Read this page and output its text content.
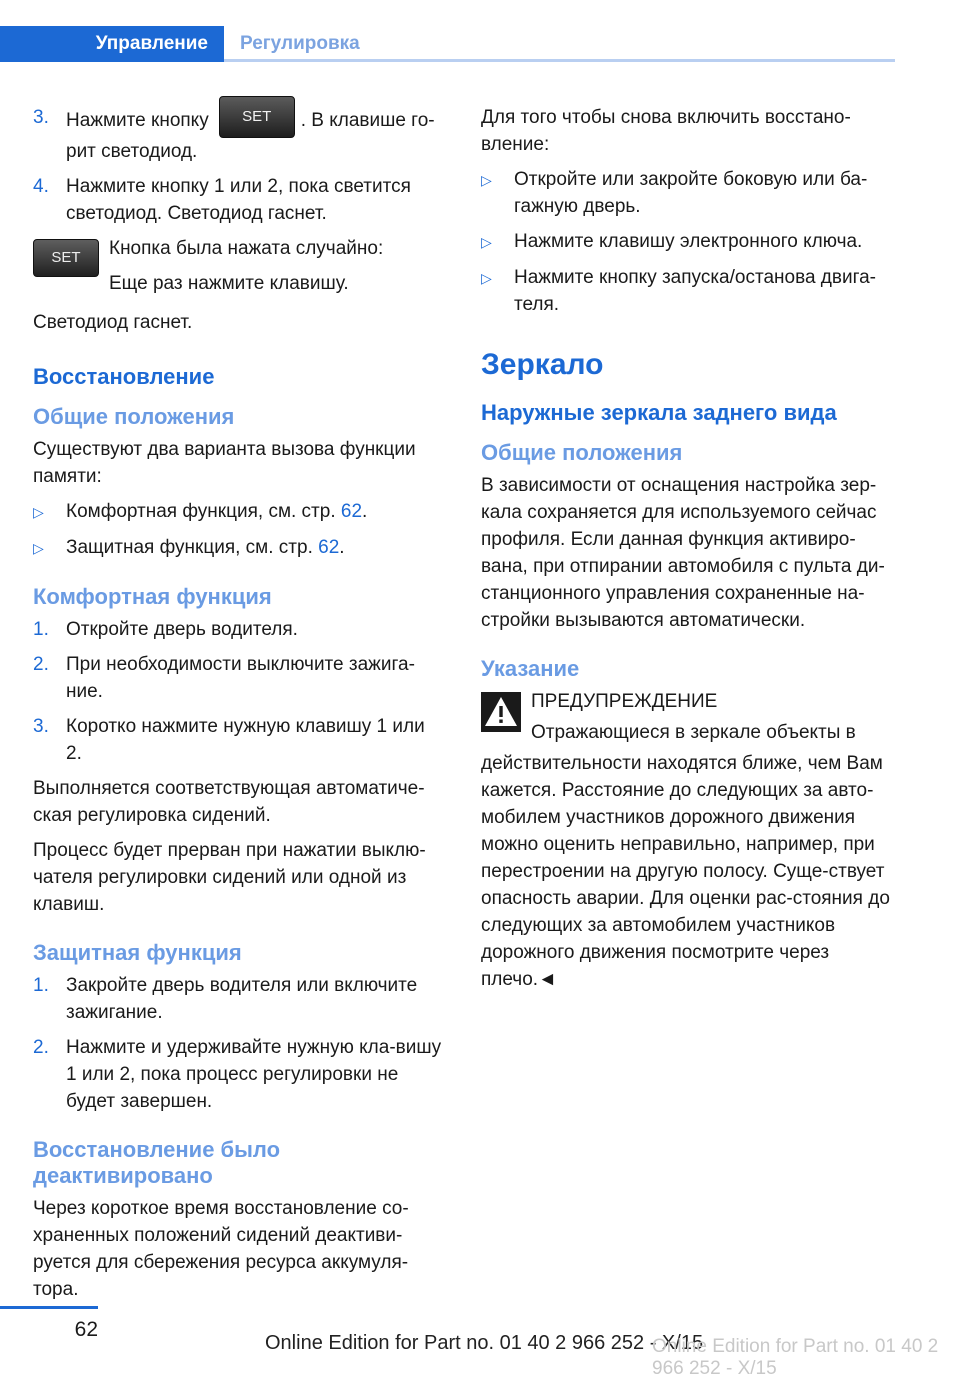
Управление Регулировка
3. Нажмите кнопку SET . В клавише го-рит светодиод.
4. Нажмите кнопку 1 или 2, пока светится светодиод. Светодиод гаснет.
SET	Кнопка была нажата случайно:

Еще раз нажмите клавишу.

Светодиод гаснет.

Восстановление
Общие положения

Существуют два варианта вызова функции памяти:

▷	Комфортная функция, см. стр. 62.
▷	Защитная функция, см. стр. 62.
Комфортная функция
1. Откройте дверь водителя.
2. При необходимости выключите зажига-ние.
3. Коротко нажмите нужную клавишу 1 или 2.

Выполняется соответствующая автоматиче-ская регулировка сидений.

Процесс будет прерван при нажатии выклю-чателя регулировки сидений или одной из клавиш.

Защитная функция
1. Закройте дверь водителя или включите зажигание.
2. Нажмите и удерживайте нужную кла-вишу 1 или 2, пока процесс регулировки не будет завершен.
Восстановление было деактивировано

Через короткое время восстановление со-храненных положений сидений деактиви-руется для сбережения ресурса аккумуля-тора.

Для того чтобы снова включить восстано-вление:

▷	Откройте или закройте боковую или ба-гажную дверь.
▷	Нажмите клавишу электронного ключа.
▷	Нажмите кнопку запуска/останова двига-теля.
Зеркало
Наружные зеркала заднего вида
Общие положения

В зависимости от оснащения настройка зер-кала сохраняется для используемого сейчас профиля. Если данная функция активиро-вана, при отпирании автомобиля с пульта ди-станционного управления сохраненные на-стройки вызываются автоматически.

Указание

ПРЕДУПРЕЖДЕНИЕ

Отражающиеся в зеркале объекты в

действительности находятся ближе, чем Вам кажется. Расстояние до следующих за авто-мобилем участников дорожного движения можно оценить неправильно, например, при перестроении на другую полосу. Суще-ствует опасность аварии. Для оценки рас-стояния до следующих за автомобилем участников дорожного движения посмотрите через плечо.◄

62
Online Edition for Part no. 01 40 2 966 252 - X/15
Online Edition for Part no. 01 40 2 966 252 - X/15
